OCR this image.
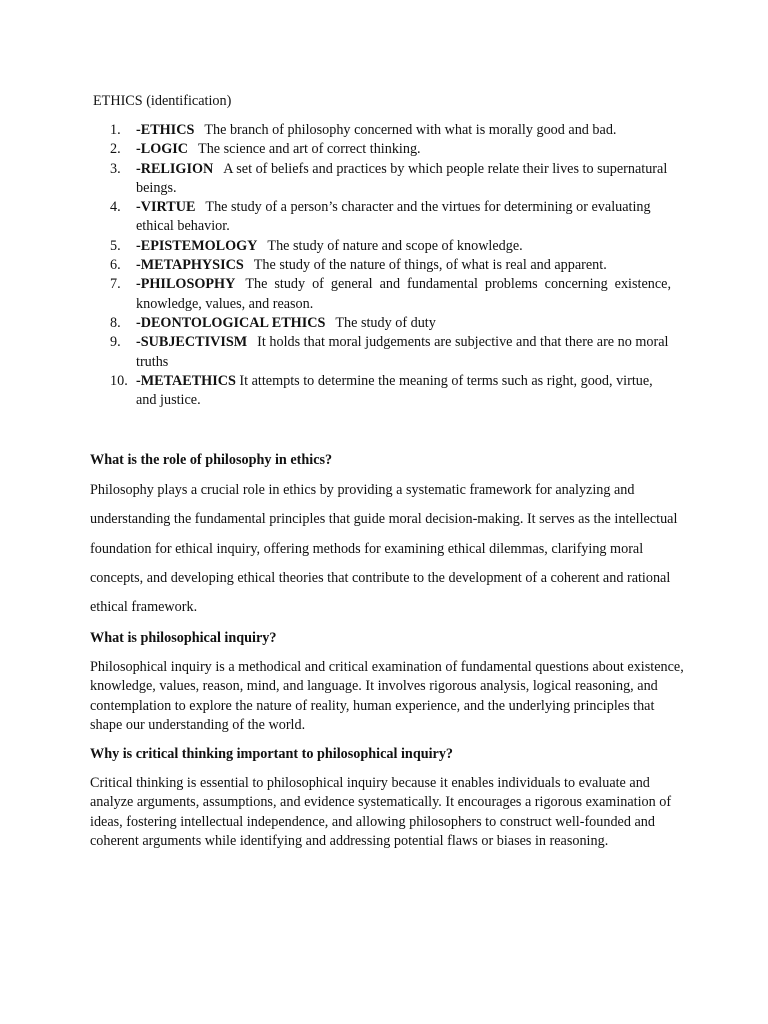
ETHICS (identification)
1.	-ETHICS The branch of philosophy concerned with what is morally good and bad.
2.	-LOGIC The science and art of correct thinking.
3.	-RELIGION A set of beliefs and practices by which people relate their lives to supernatural beings.
4.	-VIRTUE The study of a person’s character and the virtues for determining or evaluating ethical behavior.
5.	-EPISTEMOLOGY The study of nature and scope of knowledge.
6.	-METAPHYSICS The study of the nature of things, of what is real and apparent.
7.	-PHILOSOPHY The study of general and fundamental problems concerning existence, knowledge, values, and reason.
8.	-DEONTOLOGICAL ETHICS The study of duty
9.	-SUBJECTIVISM It holds that moral judgements are subjective and that there are no moral truths
10. -METAETHICS It attempts to determine the meaning of terms such as right, good, virtue, and justice.
What is the role of philosophy in ethics?

Philosophy plays a crucial role in ethics by providing a systematic framework for analyzing and understanding the fundamental principles that guide moral decision-making. It serves as the intellectual foundation for ethical inquiry, offering methods for examining ethical dilemmas, clarifying moral concepts, and developing ethical theories that contribute to the development of a coherent and rational ethical framework.

What is philosophical inquiry?

Philosophical inquiry is a methodical and critical examination of fundamental questions about existence, knowledge, values, reason, mind, and language. It involves rigorous analysis, logical reasoning, and contemplation to explore the nature of reality, human experience, and the underlying principles that shape our understanding of the world.

Why is critical thinking important to philosophical inquiry?

Critical thinking is essential to philosophical inquiry because it enables individuals to evaluate and analyze arguments, assumptions, and evidence systematically. It encourages a rigorous examination of ideas, fostering intellectual independence, and allowing philosophers to construct well-founded and coherent arguments while identifying and addressing potential flaws or biases in reasoning.
